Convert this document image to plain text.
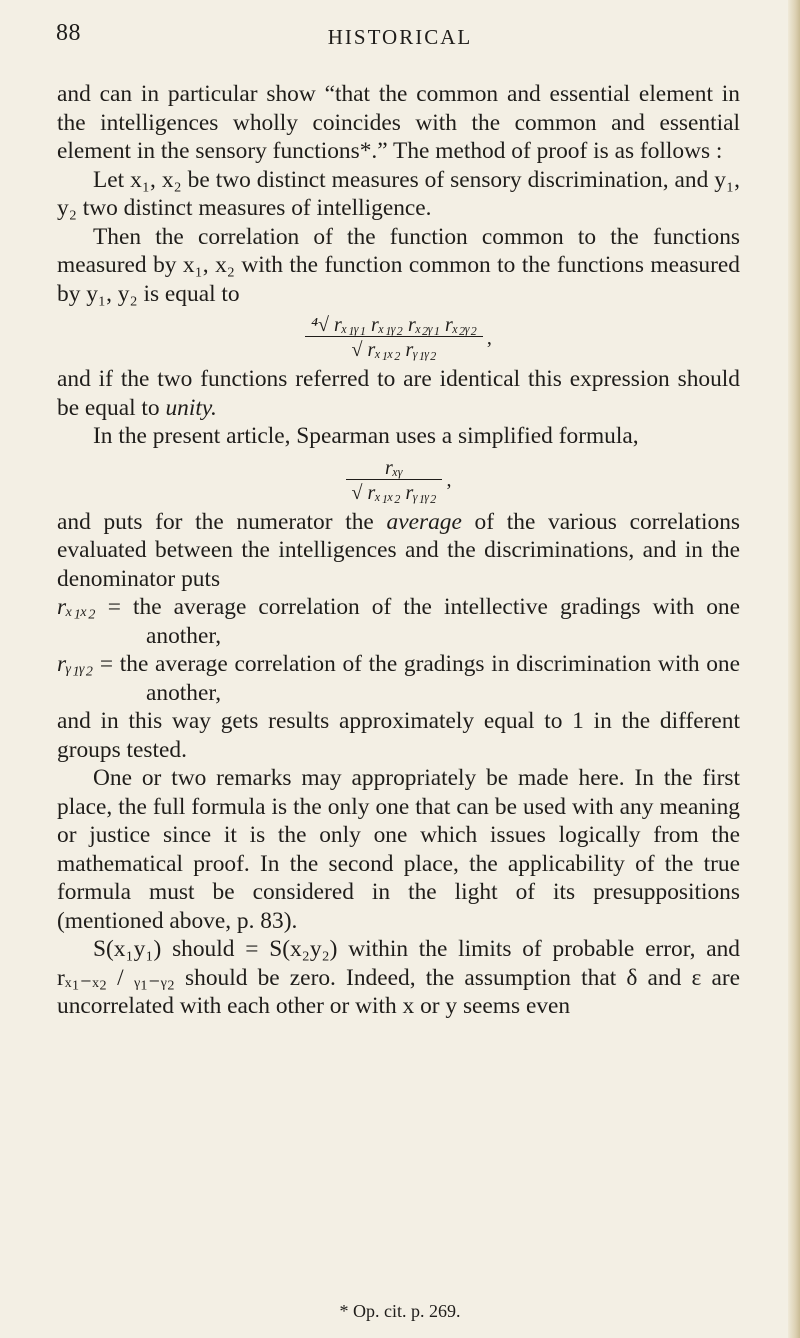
88	HISTORICAL

and can in particular show “that the common and essential element in the intelligences wholly coincides with the common and essential element in the sensory functions*.” The method of proof is as follows :

Let x₁, x₂ be two distinct measures of sensory discrimination, and y₁, y₂ two distinct measures of intelligence.

Then the correlation of the function common to the functions measured by x₁, x₂ with the function common to the functions measured by y₁, y₂ is equal to

$\frac{\text{⁴√ rₓ₁ᵧ₁ rₓ₁ᵧ₂ rₓ₂ᵧ₁ rₓ₂ᵧ₂}}{\text{√ rₓ₁ₓ₂ rᵧ₁ᵧ₂}}$ ,

and if the two functions referred to are identical this expression should be equal to unity.

In the present article, Spearman uses a simplified formula,

$\frac{\text{rₓᵧ}}{\text{√ rₓ₁ₓ₂ rᵧ₁ᵧ₂}}$ ,

and puts for the numerator the average of the various correlations evaluated between the intelligences and the discriminations, and in the denominator puts

rₓ₁ₓ₂ = the average correlation of the intellective gradings with one another,

rᵧ₁ᵧ₂ = the average correlation of the gradings in discrimination with one another,

and in this way gets results approximately equal to 1 in the different groups tested.

One or two remarks may appropriately be made here. In the first place, the full formula is the only one that can be used with any meaning or justice since it is the only one which issues logically from the mathematical proof. In the second place, the applicability of the true formula must be considered in the light of its presuppositions (mentioned above, p. 83).

S(x₁y₁) should = S(x₂y₂) within the limits of probable error, and rₓ₁₋ₓ₂ / ᵧ₁₋ᵧ₂ should be zero. Indeed, the assumption that δ and ε are uncorrelated with each other or with x or y seems even

* Op. cit. p. 269.
